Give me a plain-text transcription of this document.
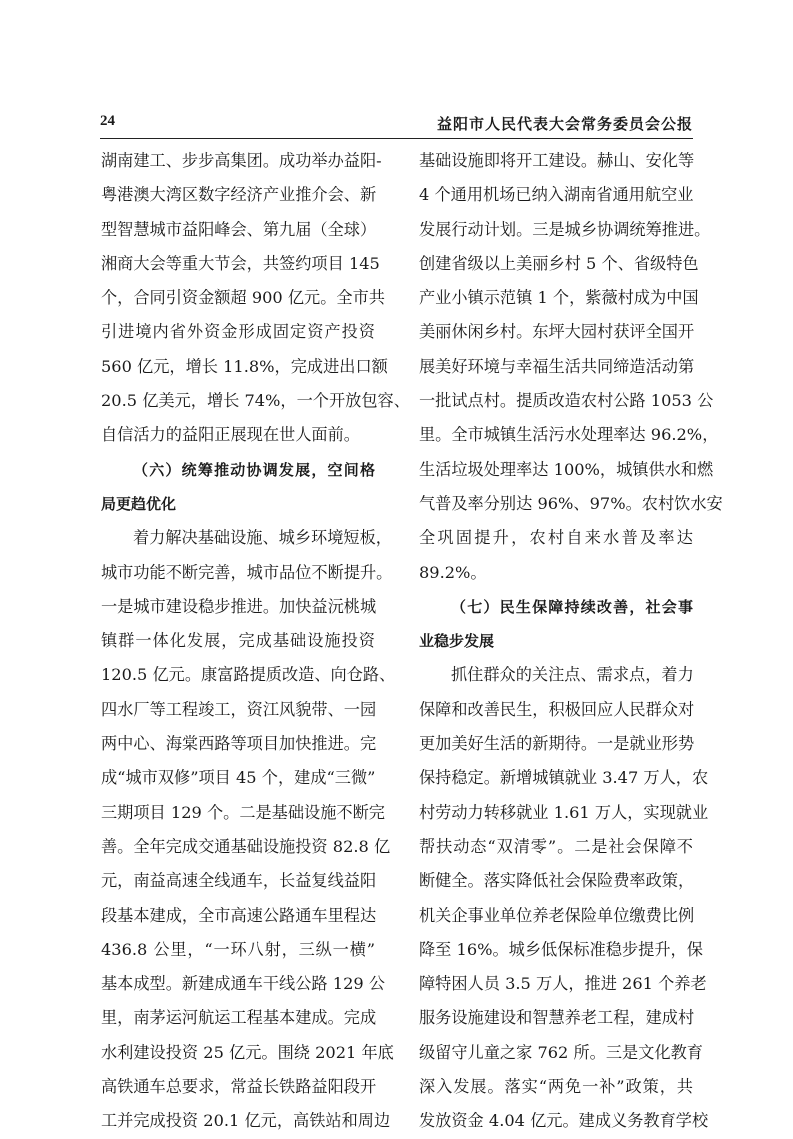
24	益阳市人民代表大会常务委员会公报
湖南建工、步步高集团。成功举办益阳-
粤港澳大湾区数字经济产业推介会、新
型智慧城市益阳峰会、第九届（全球）
湘商大会等重大节会，共签约项目 145
个，合同引资金额超 900 亿元。全市共
引进境内省外资金形成固定资产投资
560 亿元，增长 11.8%，完成进出口额
20.5 亿美元，增长 74%，一个开放包容、
自信活力的益阳正展现在世人面前。
（六）统筹推动协调发展，空间格
局更趋优化
着力解决基础设施、城乡环境短板，
城市功能不断完善，城市品位不断提升。
一是城市建设稳步推进。加快益沅桃城
镇群一体化发展，完成基础设施投资
120.5 亿元。康富路提质改造、向仓路、
四水厂等工程竣工，资江风貌带、一园
两中心、海棠西路等项目加快推进。完
成“城市双修”项目 45 个，建成“三微”
三期项目 129 个。二是基础设施不断完
善。全年完成交通基础设施投资 82.8 亿
元，南益高速全线通车，长益复线益阳
段基本建成，全市高速公路通车里程达
436.8 公里，“一环八射，三纵一横”
基本成型。新建成通车干线公路 129 公
里，南茅运河航运工程基本建成。完成
水利建设投资 25 亿元。围绕 2021 年底
高铁通车总要求，常益长铁路益阳段开
工并完成投资 20.1 亿元，高铁站和周边
基础设施即将开工建设。赫山、安化等
4 个通用机场已纳入湖南省通用航空业
发展行动计划。三是城乡协调统筹推进。
创建省级以上美丽乡村 5 个、省级特色
产业小镇示范镇 1 个，紫薇村成为中国
美丽休闲乡村。东坪大园村获评全国开
展美好环境与幸福生活共同缔造活动第
一批试点村。提质改造农村公路 1053 公
里。全市城镇生活污水处理率达 96.2%，
生活垃圾处理率达 100%，城镇供水和燃
气普及率分别达 96%、97%。农村饮水安
全巩固提升，农村自来水普及率达
89.2%。
（七）民生保障持续改善，社会事
业稳步发展
抓住群众的关注点、需求点，着力
保障和改善民生，积极回应人民群众对
更加美好生活的新期待。一是就业形势
保持稳定。新增城镇就业 3.47 万人，农
村劳动力转移就业 1.61 万人，实现就业
帮扶动态“双清零”。二是社会保障不
断健全。落实降低社会保险费率政策，
机关企事业单位养老保险单位缴费比例
降至 16%。城乡低保标准稳步提升，保
障特困人员 3.5 万人，推进 261 个养老
服务设施建设和智慧养老工程，建成村
级留守儿童之家 762 所。三是文化教育
深入发展。落实“两免一补”政策，共
发放资金 4.04 亿元。建成义务教育学校
